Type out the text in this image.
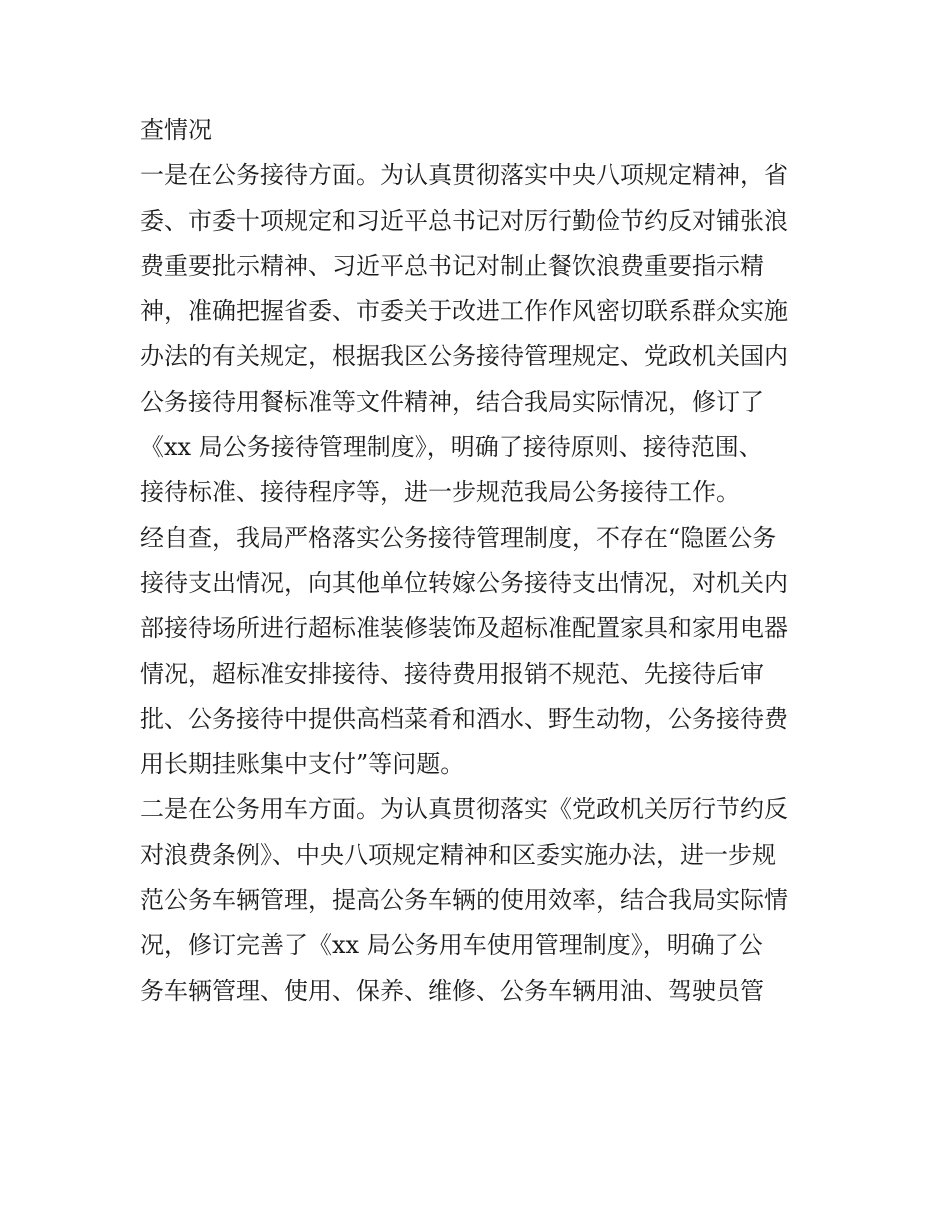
查情况

一是在公务接待方面。为认真贯彻落实中央八项规定精神，省

委、市委十项规定和习近平总书记对厉行勤俭节约反对铺张浪

费重要批示精神、习近平总书记对制止餐饮浪费重要指示精

神，准确把握省委、市委关于改进工作作风密切联系群众实施

办法的有关规定，根据我区公务接待管理规定、党政机关国内

公务接待用餐标准等文件精神，结合我局实际情况，修订了

《xx 局公务接待管理制度》，明确了接待原则、接待范围、

接待标准、接待程序等，进一步规范我局公务接待工作。

经自查，我局严格落实公务接待管理制度，不存在“隐匿公务

接待支出情况，向其他单位转嫁公务接待支出情况，对机关内

部接待场所进行超标准装修装饰及超标准配置家具和家用电器

情况，超标准安排接待、接待费用报销不规范、先接待后审

批、公务接待中提供高档菜肴和酒水、野生动物，公务接待费

用长期挂账集中支付”等问题。

二是在公务用车方面。为认真贯彻落实《党政机关厉行节约反

对浪费条例》、中央八项规定精神和区委实施办法，进一步规

范公务车辆管理，提高公务车辆的使用效率，结合我局实际情

况，修订完善了《xx 局公务用车使用管理制度》，明确了公

务车辆管理、使用、保养、维修、公务车辆用油、驾驶员管
